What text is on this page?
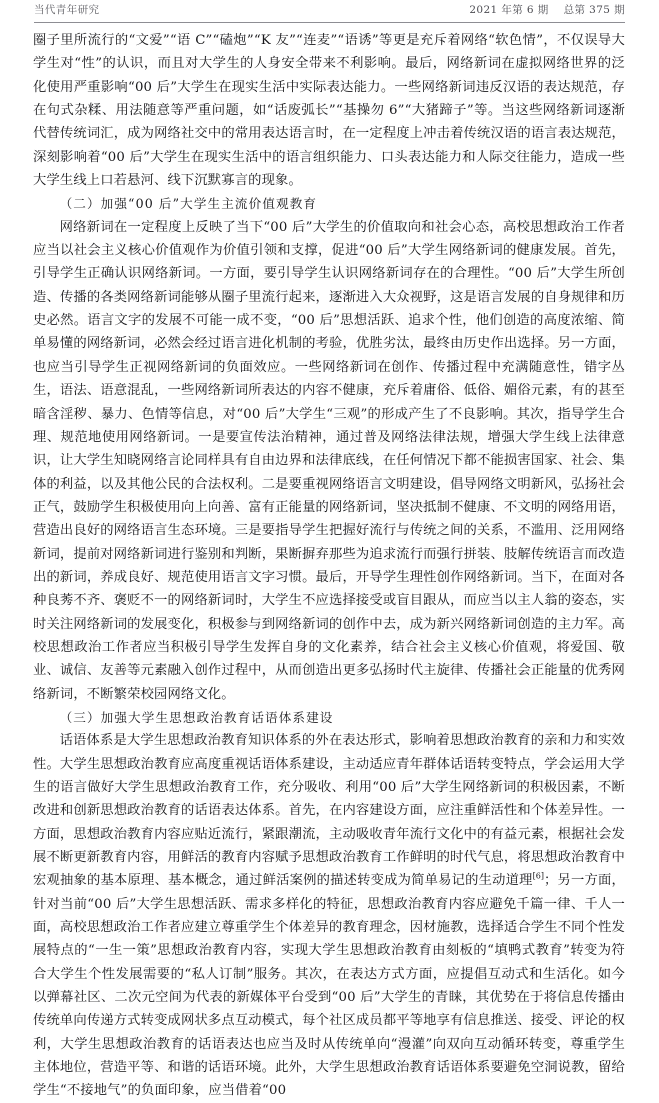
当代青年研究	2021 年第 6 期    总第 375 期

圈子里所流行的“文爱”“语 C”“磕炮”“K 友”“连麦”“语诱”等更是充斥着网络“软色情”，不仅误导大学生对“性”的认识，而且对大学生的人身安全带来不利影响。最后，网络新词在虚拟网络世界的泛化使用严重影响“00 后”大学生在现实生活中实际表达能力。一些网络新词违反汉语的表达规范，存在句式杂糅、用法随意等严重问题，如“话废弧长”“基操勿 6”“大猪蹄子”等。当这些网络新词逐渐代替传统词汇，成为网络社交中的常用表达语言时，在一定程度上冲击着传统汉语的语言表达规范，深刻影响着“00 后”大学生在现实生活中的语言组织能力、口头表达能力和人际交往能力，造成一些大学生线上口若悬河、线下沉默寡言的现象。

（二）加强“00 后”大学生主流价值观教育

网络新词在一定程度上反映了当下“00 后”大学生的价值取向和社会心态，高校思想政治工作者应当以社会主义核心价值观作为价值引领和支撑，促进“00 后”大学生网络新词的健康发展。首先，引导学生正确认识网络新词。一方面，要引导学生认识网络新词存在的合理性。“00 后”大学生所创造、传播的各类网络新词能够从圈子里流行起来，逐渐进入大众视野，这是语言发展的自身规律和历史必然。语言文字的发展不可能一成不变，“00 后”思想活跃、追求个性，他们创造的高度浓缩、简单易懂的网络新词，必然会经过语言进化机制的考验，优胜劣汰，最终由历史作出选择。另一方面，也应当引导学生正视网络新词的负面效应。一些网络新词在创作、传播过程中充满随意性，错字丛生，语法、语意混乱，一些网络新词所表达的内容不健康，充斥着庸俗、低俗、媚俗元素，有的甚至暗含淫秽、暴力、色情等信息，对“00 后”大学生“三观”的形成产生了不良影响。其次，指导学生合理、规范地使用网络新词。一是要宣传法治精神，通过普及网络法律法规，增强大学生线上法律意识，让大学生知晓网络言论同样具有自由边界和法律底线，在任何情况下都不能损害国家、社会、集体的利益，以及其他公民的合法权利。二是要重视网络语言文明建设，倡导网络文明新风，弘扬社会正气，鼓励学生积极使用向上向善、富有正能量的网络新词，坚决抵制不健康、不文明的网络用语，营造出良好的网络语言生态环境。三是要指导学生把握好流行与传统之间的关系，不滥用、泛用网络新词，提前对网络新词进行鉴别和判断，果断摒弃那些为追求流行而强行拼装、肢解传统语言而改造出的新词，养成良好、规范使用语言文字习惯。最后，开导学生理性创作网络新词。当下，在面对各种良莠不齐、褒贬不一的网络新词时，大学生不应选择接受或盲目跟从，而应当以主人翁的姿态，实时关注网络新词的发展变化，积极参与到网络新词的创作中去，成为新兴网络新词创造的主力军。高校思想政治工作者应当积极引导学生发挥自身的文化素养，结合社会主义核心价值观，将爱国、敬业、诚信、友善等元素融入创作过程中，从而创造出更多弘扬时代主旋律、传播社会正能量的优秀网络新词，不断繁荣校园网络文化。

（三）加强大学生思想政治教育话语体系建设

话语体系是大学生思想政治教育知识体系的外在表达形式，影响着思想政治教育的亲和力和实效性。大学生思想政治教育应高度重视话语体系建设，主动适应青年群体话语转变特点，学会运用大学生的语言做好大学生思想政治教育工作，充分吸收、利用“00 后”大学生网络新词的积极因素，不断改进和创新思想政治教育的话语表达体系。首先，在内容建设方面，应注重鲜活性和个体差异性。一方面，思想政治教育内容应贴近流行，紧跟潮流，主动吸收青年流行文化中的有益元素，根据社会发展不断更新教育内容，用鲜活的教育内容赋予思想政治教育工作鲜明的时代气息，将思想政治教育中宏观抽象的基本原理、基本概念，通过鲜活案例的描述转变成为简单易记的生动道理[6]；另一方面，针对当前“00 后”大学生思想活跃、需求多样化的特征，思想政治教育内容应避免千篇一律、千人一面，高校思想政治工作者应建立尊重学生个体差异的教育理念，因材施教，选择适合学生不同个性发展特点的“一生一策”思想政治教育内容，实现大学生思想政治教育由刻板的“填鸭式教育”转变为符合大学生个性发展需要的“私人订制”服务。其次，在表达方式方面，应提倡互动式和生活化。如今以弹幕社区、二次元空间为代表的新媒体平台受到“00 后”大学生的青睐，其优势在于将信息传播由传统单向传递方式转变成网状多点互动模式，每个社区成员都平等地享有信息推送、接受、评论的权利，大学生思想政治教育的话语表达也应当及时从传统单向“漫灌”向双向互动循环转变，尊重学生主体地位，营造平等、和谐的话语环境。此外，大学生思想政治教育话语体系要避免空洞说教，留给学生“不接地气”的负面印象，应当借着“00
